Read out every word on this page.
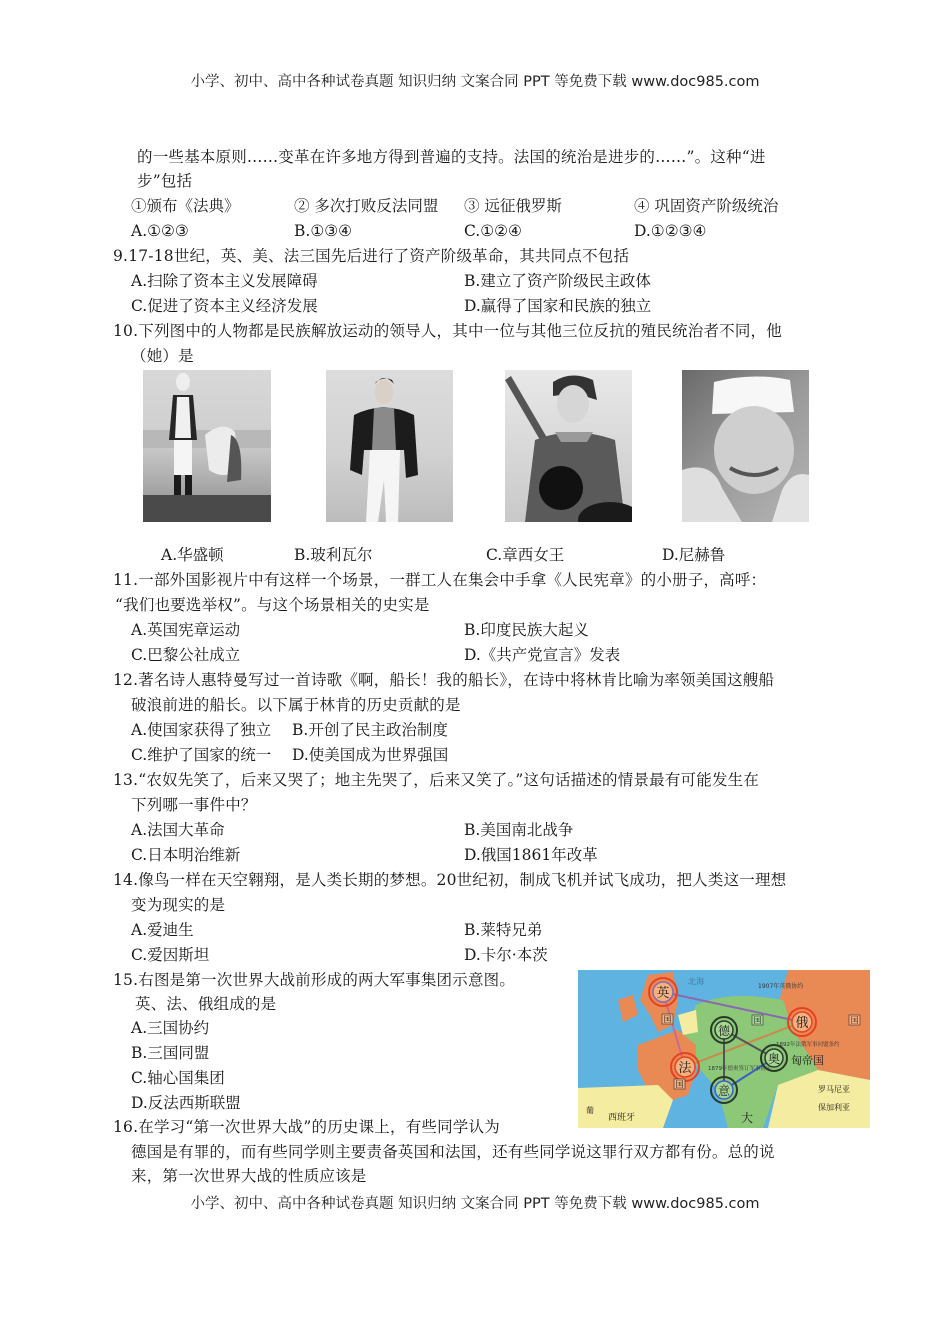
小学、初中、高中各种试卷真题 知识归纳 文案合同 PPT 等免费下载 www.doc985.com
的一些基本原则……变革在许多地方得到普遍的支持。法国的统治是进步的……”。这种“进
步”包括
①颁布《法典》	② 多次打败反法同盟 ③ 远征俄罗斯	④ 巩固资产阶级统治
A.①②③	B.①③④	C.①②④	D.①②③④
9.17-18世纪，英、美、法三国先后进行了资产阶级革命，其共同点不包括
A.扫除了资本主义发展障碍	B.建立了资产阶级民主政体
C.促进了资本主义经济发展	D.赢得了国家和民族的独立
10.下列图中的人物都是民族解放运动的领导人，其中一位与其他三位反抗的殖民统治者不同，他
（她）是
A.华盛顿	B.玻利瓦尔	C.章西女王	D.尼赫鲁
11.一部外国影视片中有这样一个场景，一群工人在集会中手拿《人民宪章》的小册子，高呼：
“我们也要选举权”。与这个场景相关的史实是
A.英国宪章运动	B.印度民族大起义
C.巴黎公社成立	D.《共产党宣言》发表
12.著名诗人惠特曼写过一首诗歌《啊，船长！我的船长》，在诗中将林肯比喻为率领美国这艘船
破浪前进的船长。以下属于林肯的历史贡献的是
A.使国家获得了独立 B.开创了民主政治制度
C.维护了国家的统一 D.使美国成为世界强国
13.“农奴先笑了，后来又哭了；地主先哭了，后来又笑了。”这句话描述的情景最有可能发生在
下列哪一事件中？
A.法国大革命	B.美国南北战争
C.日本明治维新	D.俄国1861年改革
14.像鸟一样在天空翱翔，是人类长期的梦想。20世纪初，制成飞机并试飞成功，把人类这一理想
变为现实的是
A.爱迪生	B.莱特兄弟
C.爱因斯坦	D.卡尔·本茨
15.右图是第一次世界大战前形成的两大军事集团示意图。
英、法、俄组成的是
A.三国协约
B.三国同盟
C.轴心国集团
D.反法西斯联盟
1907年英俄协约
1892年法俄军事同盟条约
1879年德奥签订军事协定
英
法
俄
德
奥
意
匈帝国
罗马尼亚
保加利亚
西班牙
葡
大
北海
国
国
国	国
16.在学习“第一次世界大战”的历史课上，有些同学认为
德国是有罪的，而有些同学则主要责备英国和法国，还有些同学说这罪行双方都有份。总的说
来，第一次世界大战的性质应该是
小学、初中、高中各种试卷真题 知识归纳 文案合同 PPT 等免费下载 www.doc985.com
